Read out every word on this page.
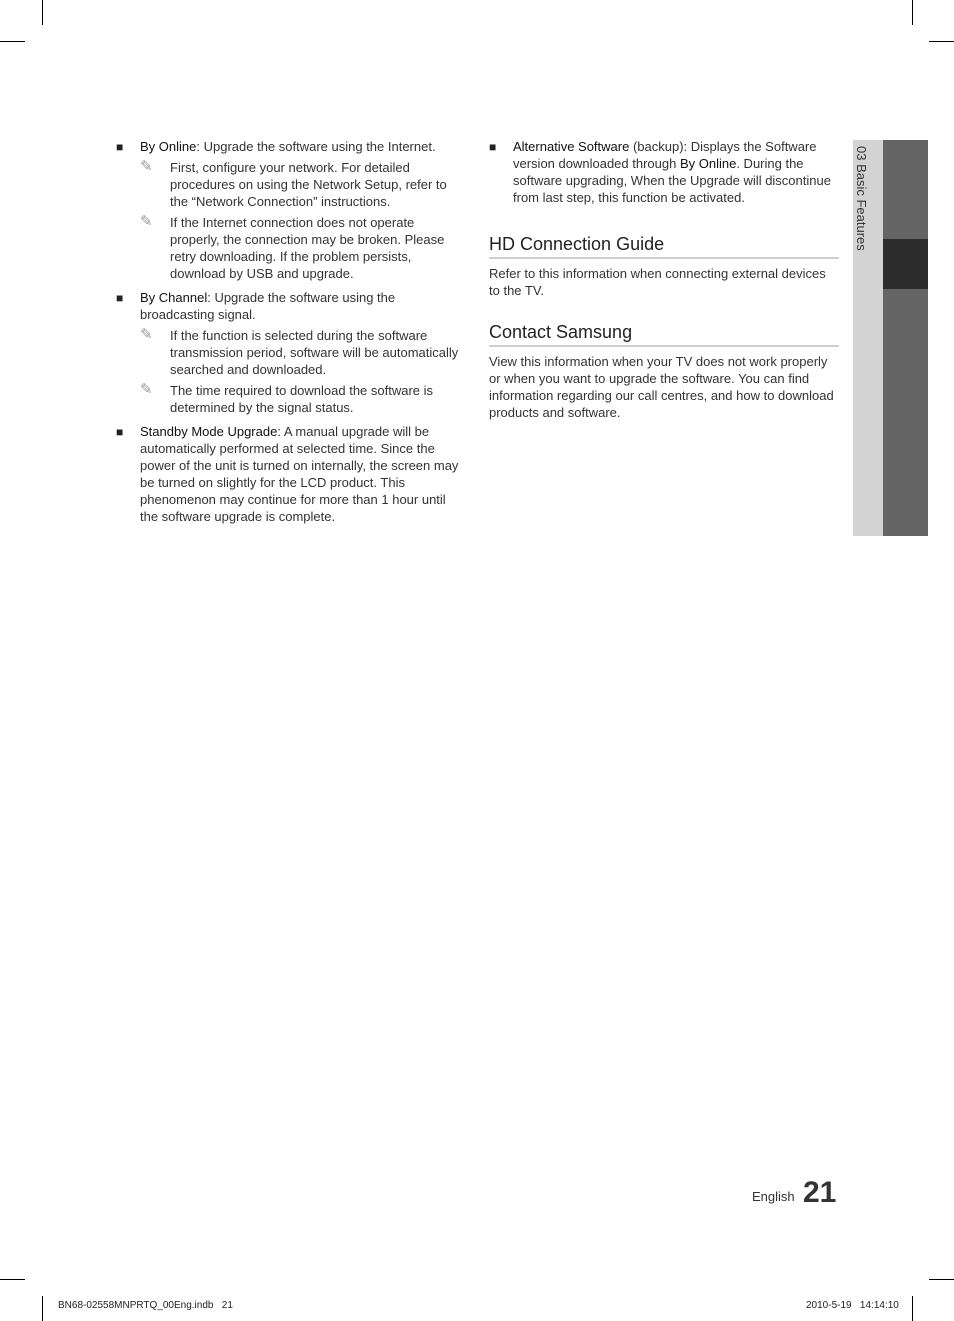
■ By Online: Upgrade the software using the Internet.
✎ First, configure your network. For detailed procedures on using the Network Setup, refer to the “Network Connection” instructions.
✎ If the Internet connection does not operate properly, the connection may be broken. Please retry downloading. If the problem persists, download by USB and upgrade.
■ By Channel: Upgrade the software using the broadcasting signal.
✎ If the function is selected during the software transmission period, software will be automatically searched and downloaded.
✎ The time required to download the software is determined by the signal status.
■ Standby Mode Upgrade: A manual upgrade will be automatically performed at selected time. Since the power of the unit is turned on internally, the screen may be turned on slightly for the LCD product. This phenomenon may continue for more than 1 hour until the software upgrade is complete.
■ Alternative Software (backup): Displays the Software version downloaded through By Online. During the software upgrading, When the Upgrade will discontinue from last step, this function be activated.
HD Connection Guide

Refer to this information when connecting external devices to the TV.

Contact Samsung

View this information when your TV does not work properly or when you want to upgrade the software. You can find information regarding our call centres, and how to download products and software.

03 Basic Features
English 21
BN68-02558MNPRTQ_00Eng.indb   21	2010-5-19   14:14:10
